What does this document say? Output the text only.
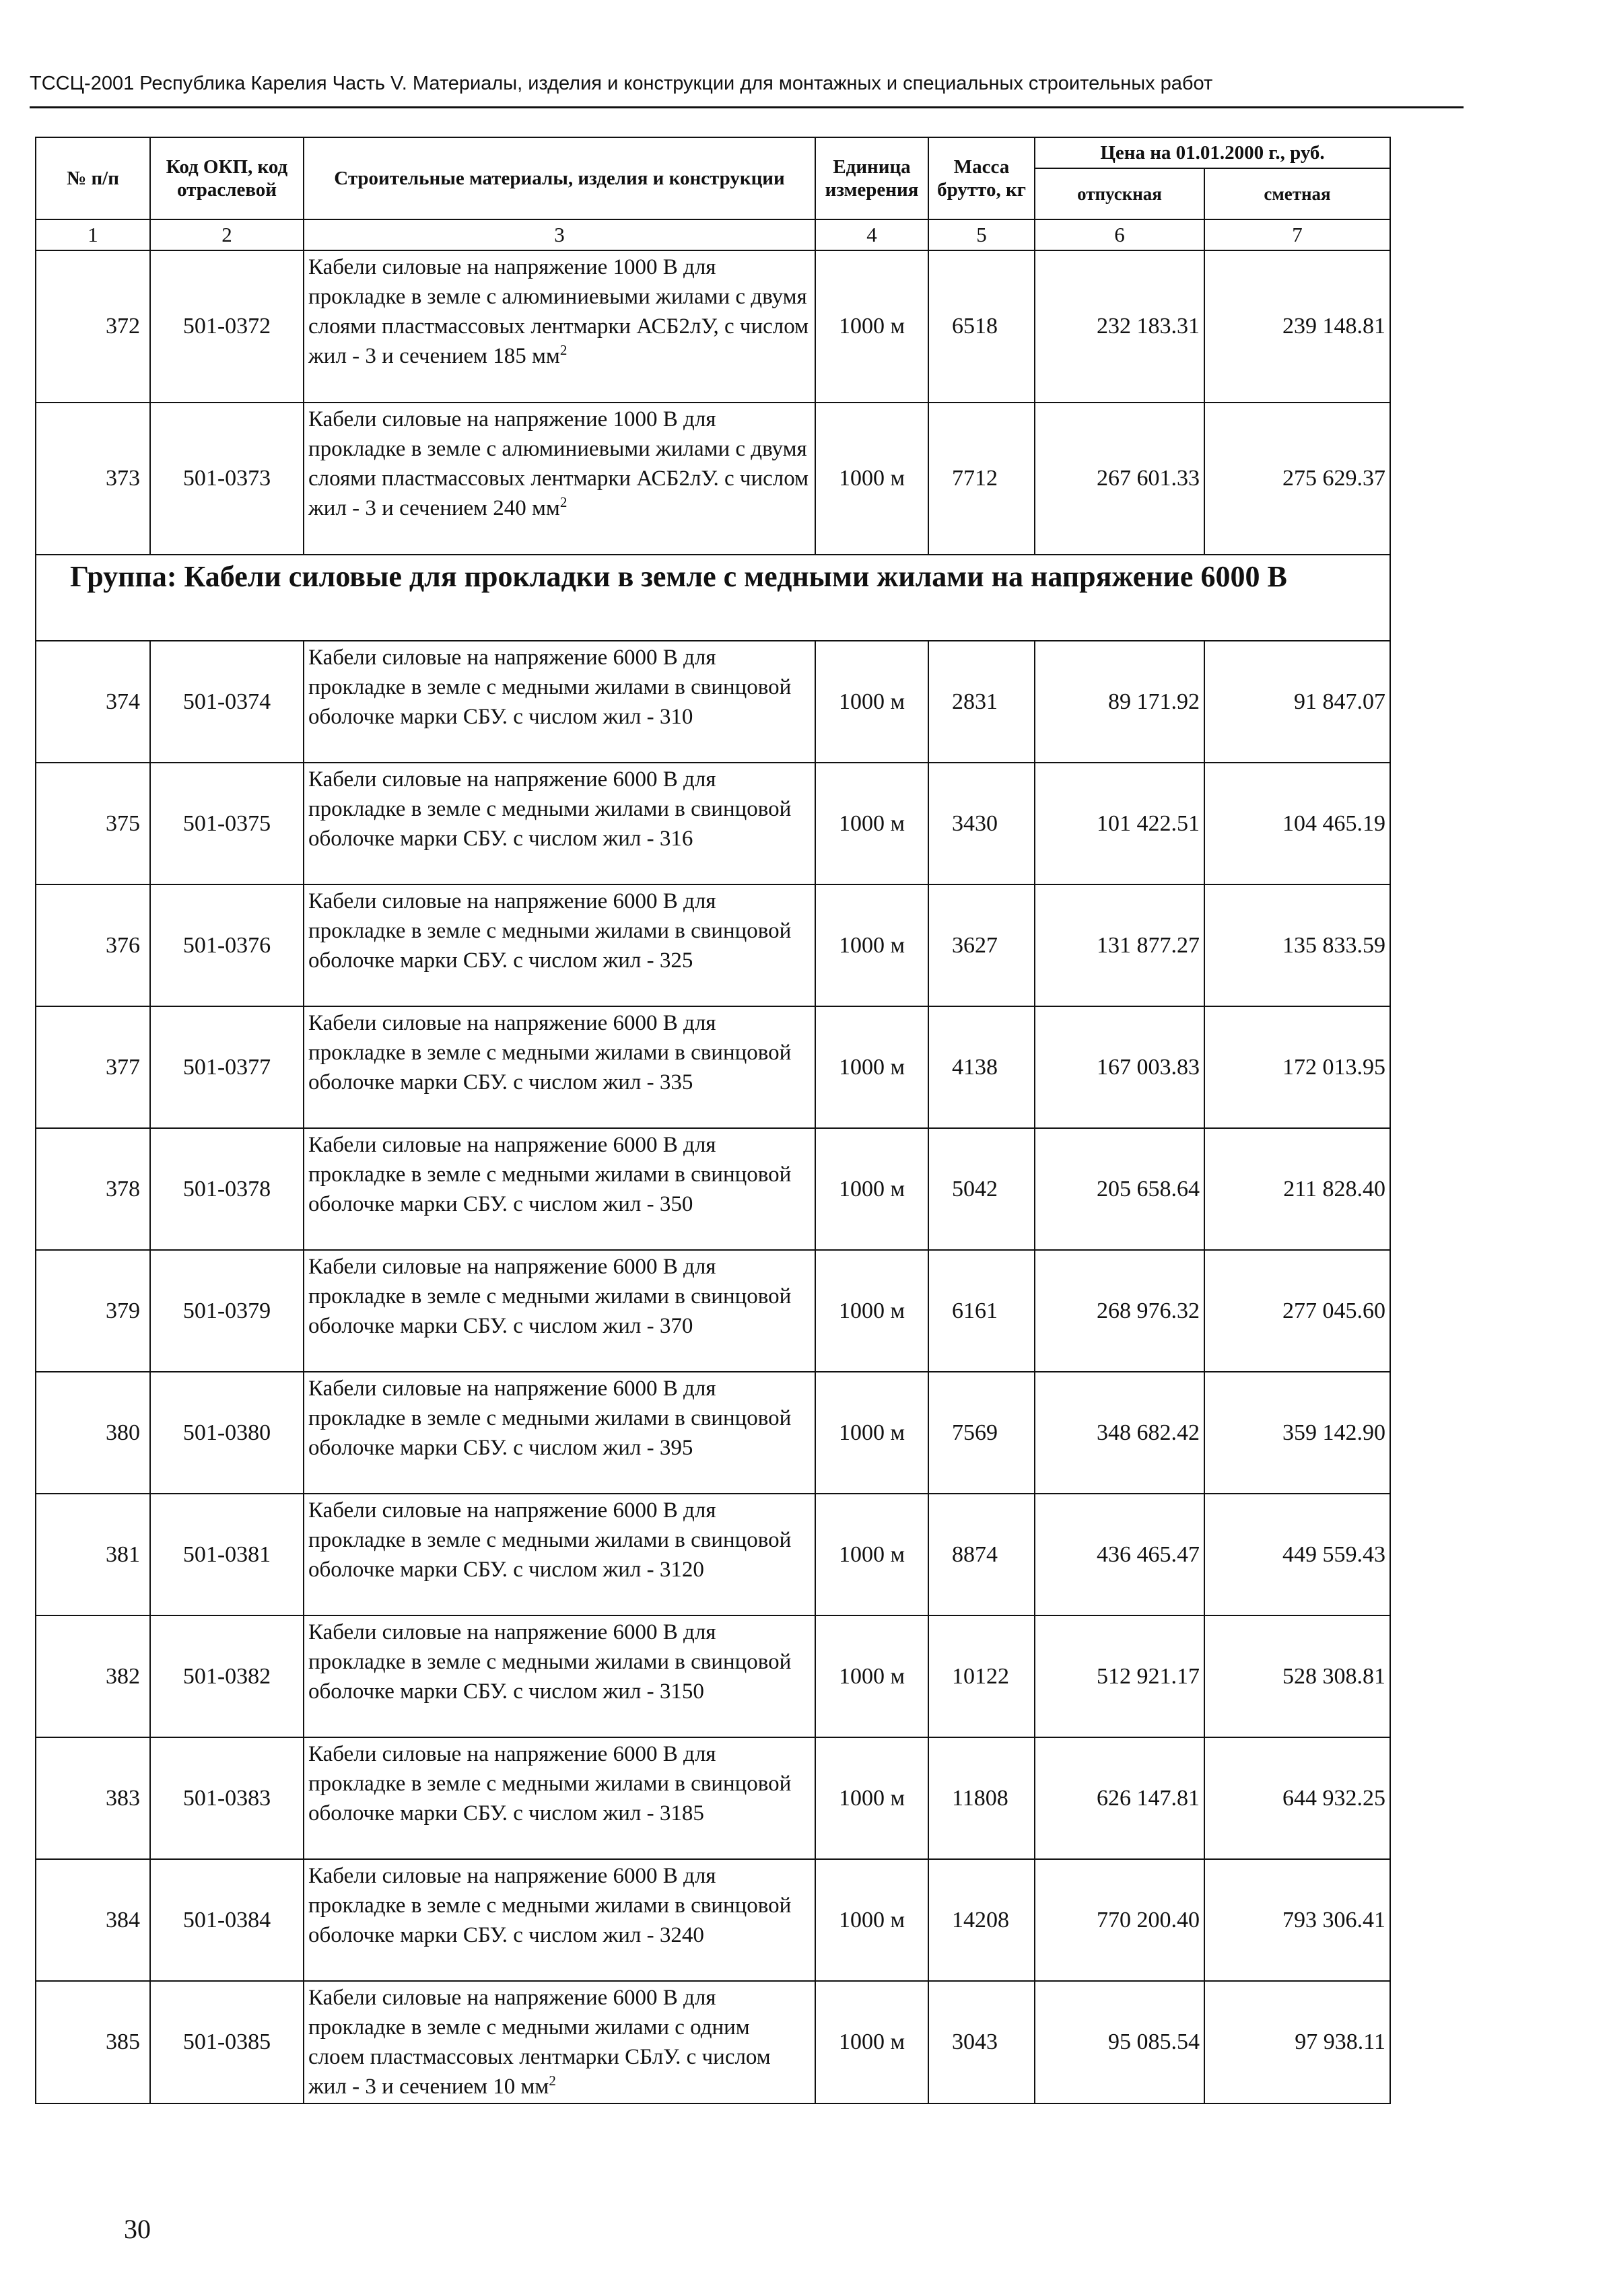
ТССЦ-2001 Республика Карелия Часть V. Материалы, изделия и конструкции для монтажных и специальных строительных работ
№ п/п	Код ОКП, код отраслевой	Строительные материалы, изделия и конструкции	Единица измерения	Масса брутто, кг	Цена на 01.01.2000 г., руб.	
					отпускная	сметная
1	2	3	4	5	6	7
372	501-0372	Кабели силовые на напряжение 1000 В для прокладке в земле с алюминиевыми жилами с двумя слоями пластмассовых лентмарки АСБ2лУ, с числом жил - 3 и сечением 185 $мм^2$	1000 м	6518	232 183.31	239 148.81
373	501-0373	Кабели силовые на напряжение 1000 В для прокладке в земле с алюминиевыми жилами с двумя слоями пластмассовых лентмарки АСБ2лУ. с числом жил - 3 и сечением 240 $мм^2$	1000 м	7712	267 601.33	275 629.37
Группа: Кабели силовые для прокладки в земле с медными жилами на напряжение 6000 В						
374	501-0374	Кабели силовые на напряжение 6000 В для прокладке в земле с медными жилами в свинцовой оболочке марки СБУ. с числом жил - 310	1000 м	2831	89 171.92	91 847.07
375	501-0375	Кабели силовые на напряжение 6000 В для прокладке в земле с медными жилами в свинцовой оболочке марки СБУ. с числом жил - 316	1000 м	3430	101 422.51	104 465.19
376	501-0376	Кабели силовые на напряжение 6000 В для прокладке в земле с медными жилами в свинцовой оболочке марки СБУ. с числом жил - 325	1000 м	3627	131 877.27	135 833.59
377	501-0377	Кабели силовые на напряжение 6000 В для прокладке в земле с медными жилами в свинцовой оболочке марки СБУ. с числом жил - 335	1000 м	4138	167 003.83	172 013.95
378	501-0378	Кабели силовые на напряжение 6000 В для прокладке в земле с медными жилами в свинцовой оболочке марки СБУ. с числом жил - 350	1000 м	5042	205 658.64	211 828.40
379	501-0379	Кабели силовые на напряжение 6000 В для прокладке в земле с медными жилами в свинцовой оболочке марки СБУ. с числом жил - 370	1000 м	6161	268 976.32	277 045.60
380	501-0380	Кабели силовые на напряжение 6000 В для прокладке в земле с медными жилами в свинцовой оболочке марки СБУ. с числом жил - 395	1000 м	7569	348 682.42	359 142.90
381	501-0381	Кабели силовые на напряжение 6000 В для прокладке в земле с медными жилами в свинцовой оболочке марки СБУ. с числом жил - 3120	1000 м	8874	436 465.47	449 559.43
382	501-0382	Кабели силовые на напряжение 6000 В для прокладке в земле с медными жилами в свинцовой оболочке марки СБУ. с числом жил - 3150	1000 м	10122	512 921.17	528 308.81
383	501-0383	Кабели силовые на напряжение 6000 В для прокладке в земле с медными жилами в свинцовой оболочке марки СБУ. с числом жил - 3185	1000 м	11808	626 147.81	644 932.25
384	501-0384	Кабели силовые на напряжение 6000 В для прокладке в земле с медными жилами в свинцовой оболочке марки СБУ. с числом жил - 3240	1000 м	14208	770 200.40	793 306.41
385	501-0385	Кабели силовые на напряжение 6000 В для прокладке в земле с медными жилами с одним слоем пластмассовых лентмарки СБлУ. с числом жил - 3 и сечением 10 $мм^2$	1000 м	3043	95 085.54	97 938.11
30
